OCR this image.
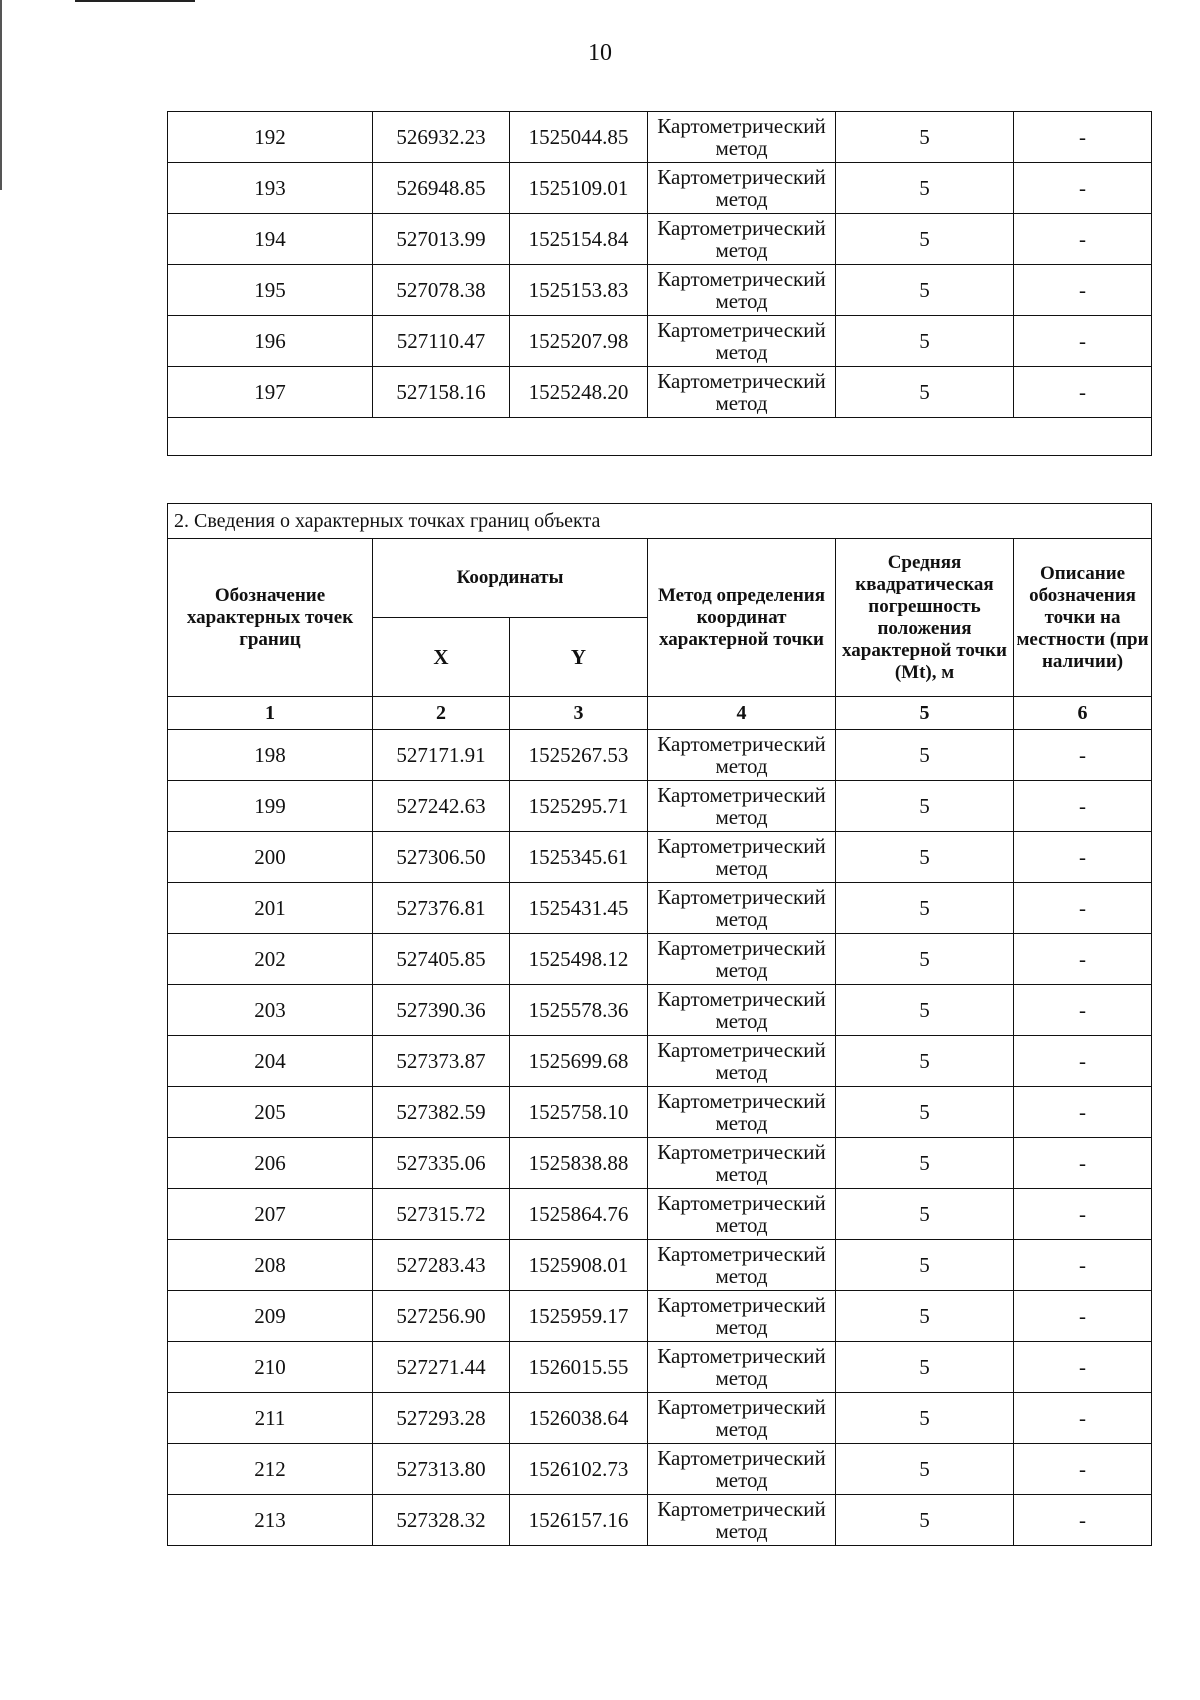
10
192	526932.23	1525044.85	Картометрический метод	5	-
193	526948.85	1525109.01	Картометрический метод	5	-
194	527013.99	1525154.84	Картометрический метод	5	-
195	527078.38	1525153.83	Картометрический метод	5	-
196	527110.47	1525207.98	Картометрический метод	5	-
197	527158.16	1525248.20	Картометрический метод	5	-

2. Сведения о характерных точках границ объекта					
Обозначение характерных точек границ	Координаты		Метод определения координат характерной точки	Средняя квадратическая погрешность положения характерной точки (Mt), м	Описание обозначения точки на местности (при наличии)
	X	Y			
1	2	3	4	5	6
198	527171.91	1525267.53	Картометрический метод	5	-
199	527242.63	1525295.71	Картометрический метод	5	-
200	527306.50	1525345.61	Картометрический метод	5	-
201	527376.81	1525431.45	Картометрический метод	5	-
202	527405.85	1525498.12	Картометрический метод	5	-
203	527390.36	1525578.36	Картометрический метод	5	-
204	527373.87	1525699.68	Картометрический метод	5	-
205	527382.59	1525758.10	Картометрический метод	5	-
206	527335.06	1525838.88	Картометрический метод	5	-
207	527315.72	1525864.76	Картометрический метод	5	-
208	527283.43	1525908.01	Картометрический метод	5	-
209	527256.90	1525959.17	Картометрический метод	5	-
210	527271.44	1526015.55	Картометрический метод	5	-
211	527293.28	1526038.64	Картометрический метод	5	-
212	527313.80	1526102.73	Картометрический метод	5	-
213	527328.32	1526157.16	Картометрический метод	5	-
